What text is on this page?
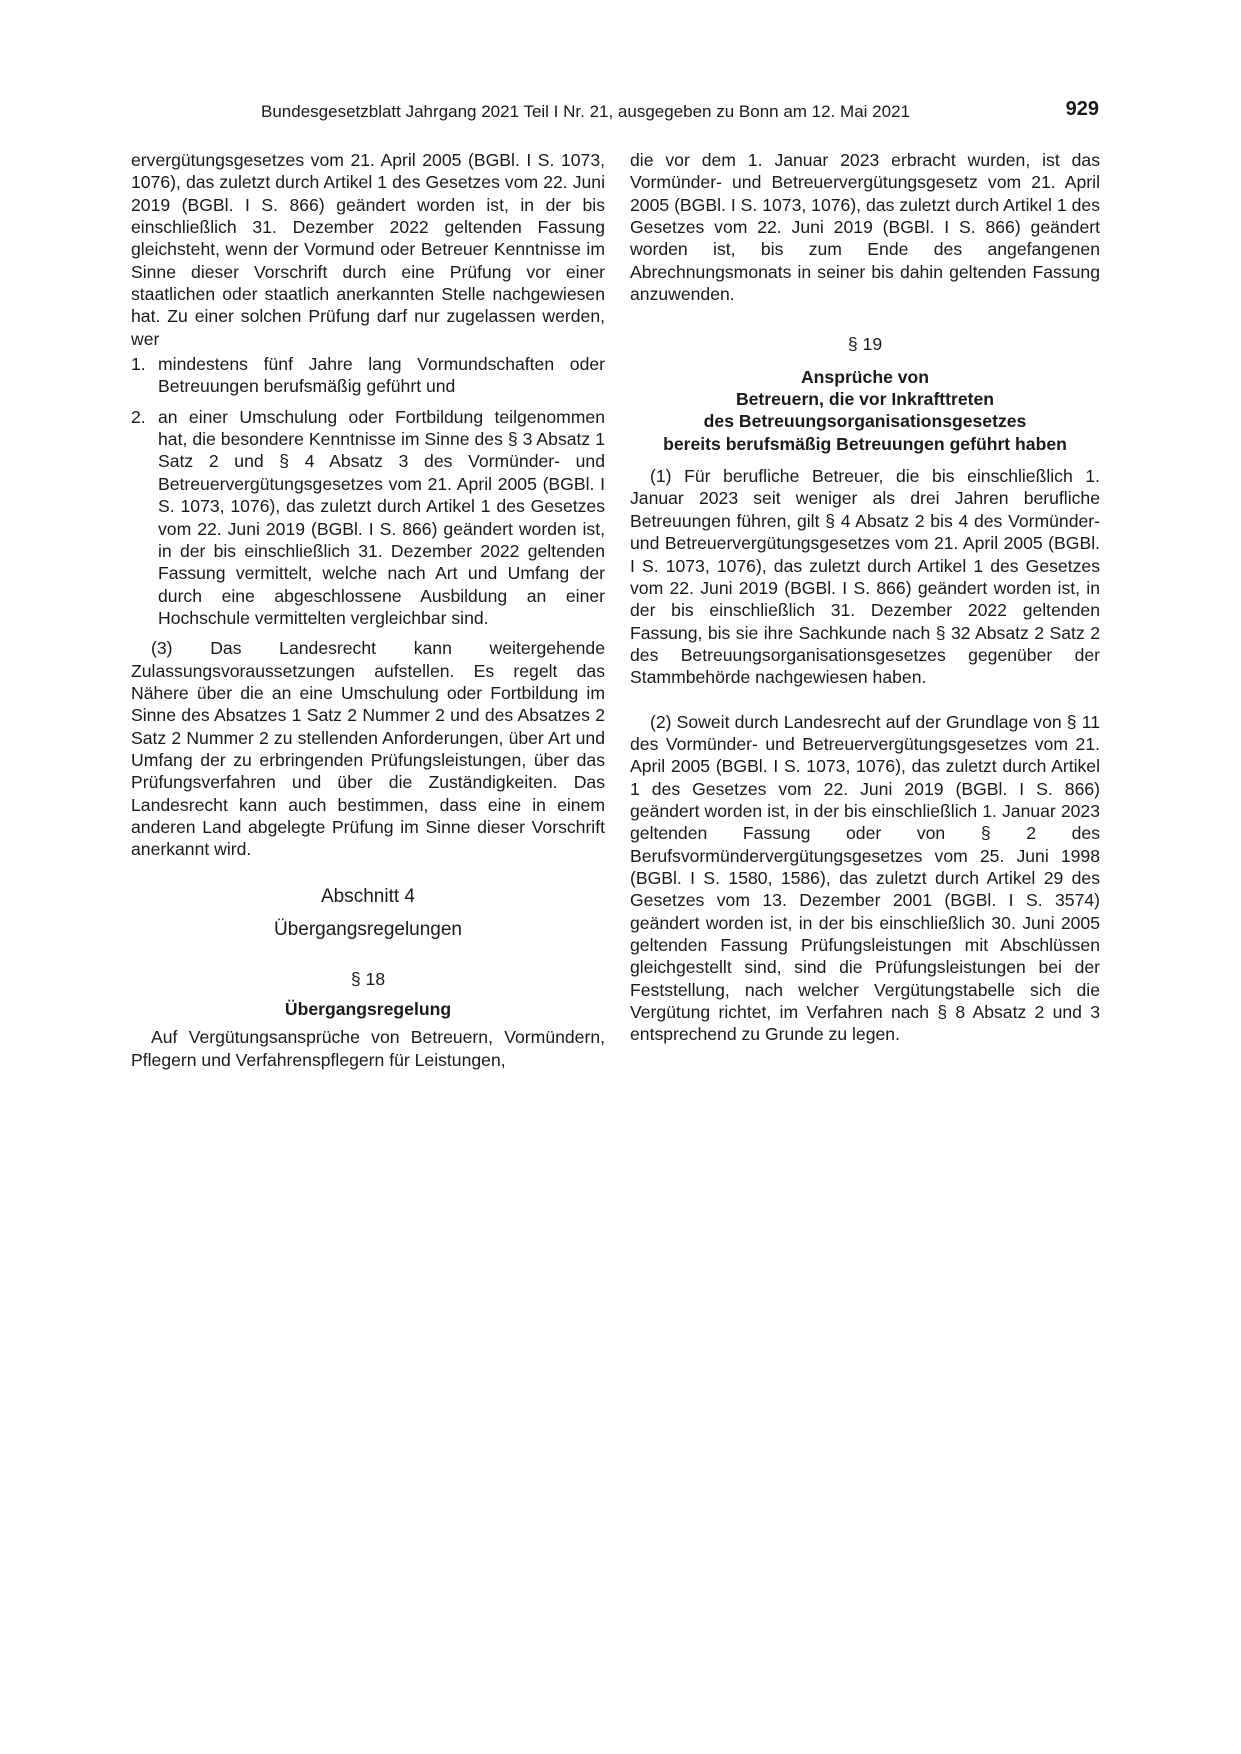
Bundesgesetzblatt Jahrgang 2021 Teil I Nr. 21, ausgegeben zu Bonn am 12. Mai 2021	929

ervergütungsgesetzes vom 21. April 2005 (BGBl. I S. 1073, 1076), das zuletzt durch Artikel 1 des Gesetzes vom 22. Juni 2019 (BGBl. I S. 866) geändert worden ist, in der bis einschließlich 31. Dezember 2022 geltenden Fassung gleichsteht, wenn der Vormund oder Betreuer Kenntnisse im Sinne dieser Vorschrift durch eine Prüfung vor einer staatlichen oder staatlich anerkannten Stelle nachgewiesen hat. Zu einer solchen Prüfung darf nur zugelassen werden, wer

1. mindestens fünf Jahre lang Vormundschaften oder Betreuungen berufsmäßig geführt und
2. an einer Umschulung oder Fortbildung teilgenommen hat, die besondere Kenntnisse im Sinne des § 3 Absatz 1 Satz 2 und § 4 Absatz 3 des Vormünder- und Betreuervergütungsgesetzes vom 21. April 2005 (BGBl. I S. 1073, 1076), das zuletzt durch Artikel 1 des Gesetzes vom 22. Juni 2019 (BGBl. I S. 866) geändert worden ist, in der bis einschließlich 31. Dezember 2022 geltenden Fassung vermittelt, welche nach Art und Umfang der durch eine abgeschlossene Ausbildung an einer Hochschule vermittelten vergleichbar sind.

(3) Das Landesrecht kann weitergehende Zulassungsvoraussetzungen aufstellen. Es regelt das Nähere über die an eine Umschulung oder Fortbildung im Sinne des Absatzes 1 Satz 2 Nummer 2 und des Absatzes 2 Satz 2 Nummer 2 zu stellenden Anforderungen, über Art und Umfang der zu erbringenden Prüfungsleistungen, über das Prüfungsverfahren und über die Zuständigkeiten. Das Landesrecht kann auch bestimmen, dass eine in einem anderen Land abgelegte Prüfung im Sinne dieser Vorschrift anerkannt wird.

Abschnitt 4
Übergangsregelungen
§ 18
Übergangsregelung

Auf Vergütungsansprüche von Betreuern, Vormündern, Pflegern und Verfahrenspflegern für Leistungen,

die vor dem 1. Januar 2023 erbracht wurden, ist das Vormünder- und Betreuervergütungsgesetz vom 21. April 2005 (BGBl. I S. 1073, 1076), das zuletzt durch Artikel 1 des Gesetzes vom 22. Juni 2019 (BGBl. I S. 866) geändert worden ist, bis zum Ende des angefangenen Abrechnungsmonats in seiner bis dahin geltenden Fassung anzuwenden.

§ 19
Ansprüche von
Betreuern, die vor Inkrafttreten
des Betreuungsorganisationsgesetzes
bereits berufsmäßig Betreuungen geführt haben

(1) Für berufliche Betreuer, die bis einschließlich 1. Januar 2023 seit weniger als drei Jahren berufliche Betreuungen führen, gilt § 4 Absatz 2 bis 4 des Vormünder- und Betreuervergütungsgesetzes vom 21. April 2005 (BGBl. I S. 1073, 1076), das zuletzt durch Artikel 1 des Gesetzes vom 22. Juni 2019 (BGBl. I S. 866) geändert worden ist, in der bis einschließlich 31. Dezember 2022 geltenden Fassung, bis sie ihre Sachkunde nach § 32 Absatz 2 Satz 2 des Betreuungsorganisationsgesetzes gegenüber der Stammbehörde nachgewiesen haben.

(2) Soweit durch Landesrecht auf der Grundlage von § 11 des Vormünder- und Betreuervergütungsgesetzes vom 21. April 2005 (BGBl. I S. 1073, 1076), das zuletzt durch Artikel 1 des Gesetzes vom 22. Juni 2019 (BGBl. I S. 866) geändert worden ist, in der bis einschließlich 1. Januar 2023 geltenden Fassung oder von § 2 des Berufsvormündervergütungsgesetzes vom 25. Juni 1998 (BGBl. I S. 1580, 1586), das zuletzt durch Artikel 29 des Gesetzes vom 13. Dezember 2001 (BGBl. I S. 3574) geändert worden ist, in der bis einschließlich 30. Juni 2005 geltenden Fassung Prüfungsleistungen mit Abschlüssen gleichgestellt sind, sind die Prüfungsleistungen bei der Feststellung, nach welcher Vergütungstabelle sich die Vergütung richtet, im Verfahren nach § 8 Absatz 2 und 3 entsprechend zu Grunde zu legen.
